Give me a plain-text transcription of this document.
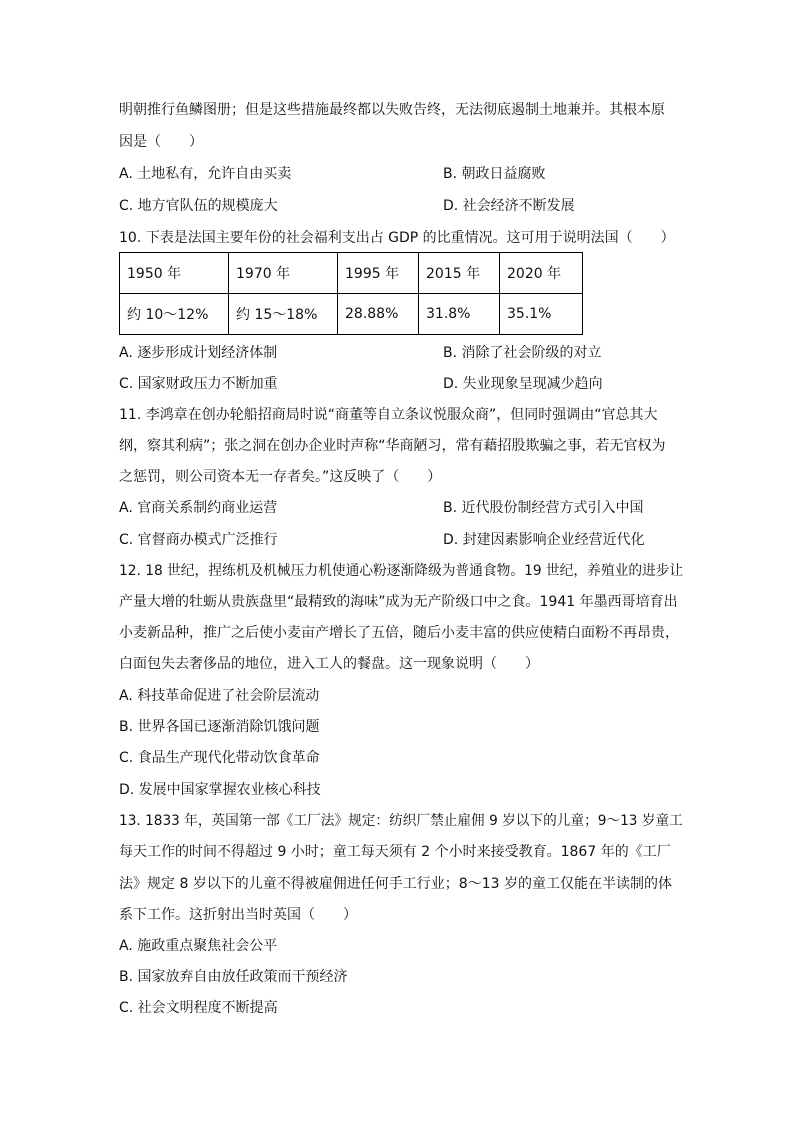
明朝推行鱼鳞图册；但是这些措施最终都以失败告终，无法彻底遏制土地兼并。其根本原
因是（　　）
A. 土地私有，允许自由买卖	B. 朝政日益腐败
C. 地方官队伍的规模庞大	D. 社会经济不断发展
10. 下表是法国主要年份的社会福利支出占 GDP 的比重情况。这可用于说明法国（　　）
1950 年	1970 年	1995 年	2015 年	2020 年
约 10～12%	约 15～18%	28.88%	31.8%	35.1%
A. 逐步形成计划经济体制	B. 消除了社会阶级的对立
C. 国家财政压力不断加重	D. 失业现象呈现减少趋向
11. 李鸿章在创办轮船招商局时说“商董等自立条议悦服众商”，但同时强调由“官总其大
纲，察其利病”；张之洞在创办企业时声称“华商陋习，常有藉招股欺骗之事，若无官权为
之惩罚，则公司资本无一存者矣。”这反映了（　　）
A. 官商关系制约商业运营	B. 近代股份制经营方式引入中国
C. 官督商办模式广泛推行	D. 封建因素影响企业经营近代化
12. 18 世纪，捏练机及机械压力机使通心粉逐渐降级为普通食物。19 世纪，养殖业的进步让
产量大增的牡蛎从贵族盘里“最精致的海味”成为无产阶级口中之食。1941 年墨西哥培育出
小麦新品种，推广之后使小麦亩产增长了五倍，随后小麦丰富的供应使精白面粉不再昂贵，
白面包失去奢侈品的地位，进入工人的餐盘。这一现象说明（　　）
A. 科技革命促进了社会阶层流动
B. 世界各国已逐渐消除饥饿问题
C. 食品生产现代化带动饮食革命
D. 发展中国家掌握农业核心科技
13. 1833 年，英国第一部《工厂法》规定：纺织厂禁止雇佣 9 岁以下的儿童；9～13 岁童工
每天工作的时间不得超过 9 小时；童工每天须有 2 个小时来接受教育。1867 年的《工厂
法》规定 8 岁以下的儿童不得被雇佣进任何手工行业；8～13 岁的童工仅能在半读制的体
系下工作。这折射出当时英国（　　）
A. 施政重点聚焦社会公平
B. 国家放弃自由放任政策而干预经济
C. 社会文明程度不断提高
